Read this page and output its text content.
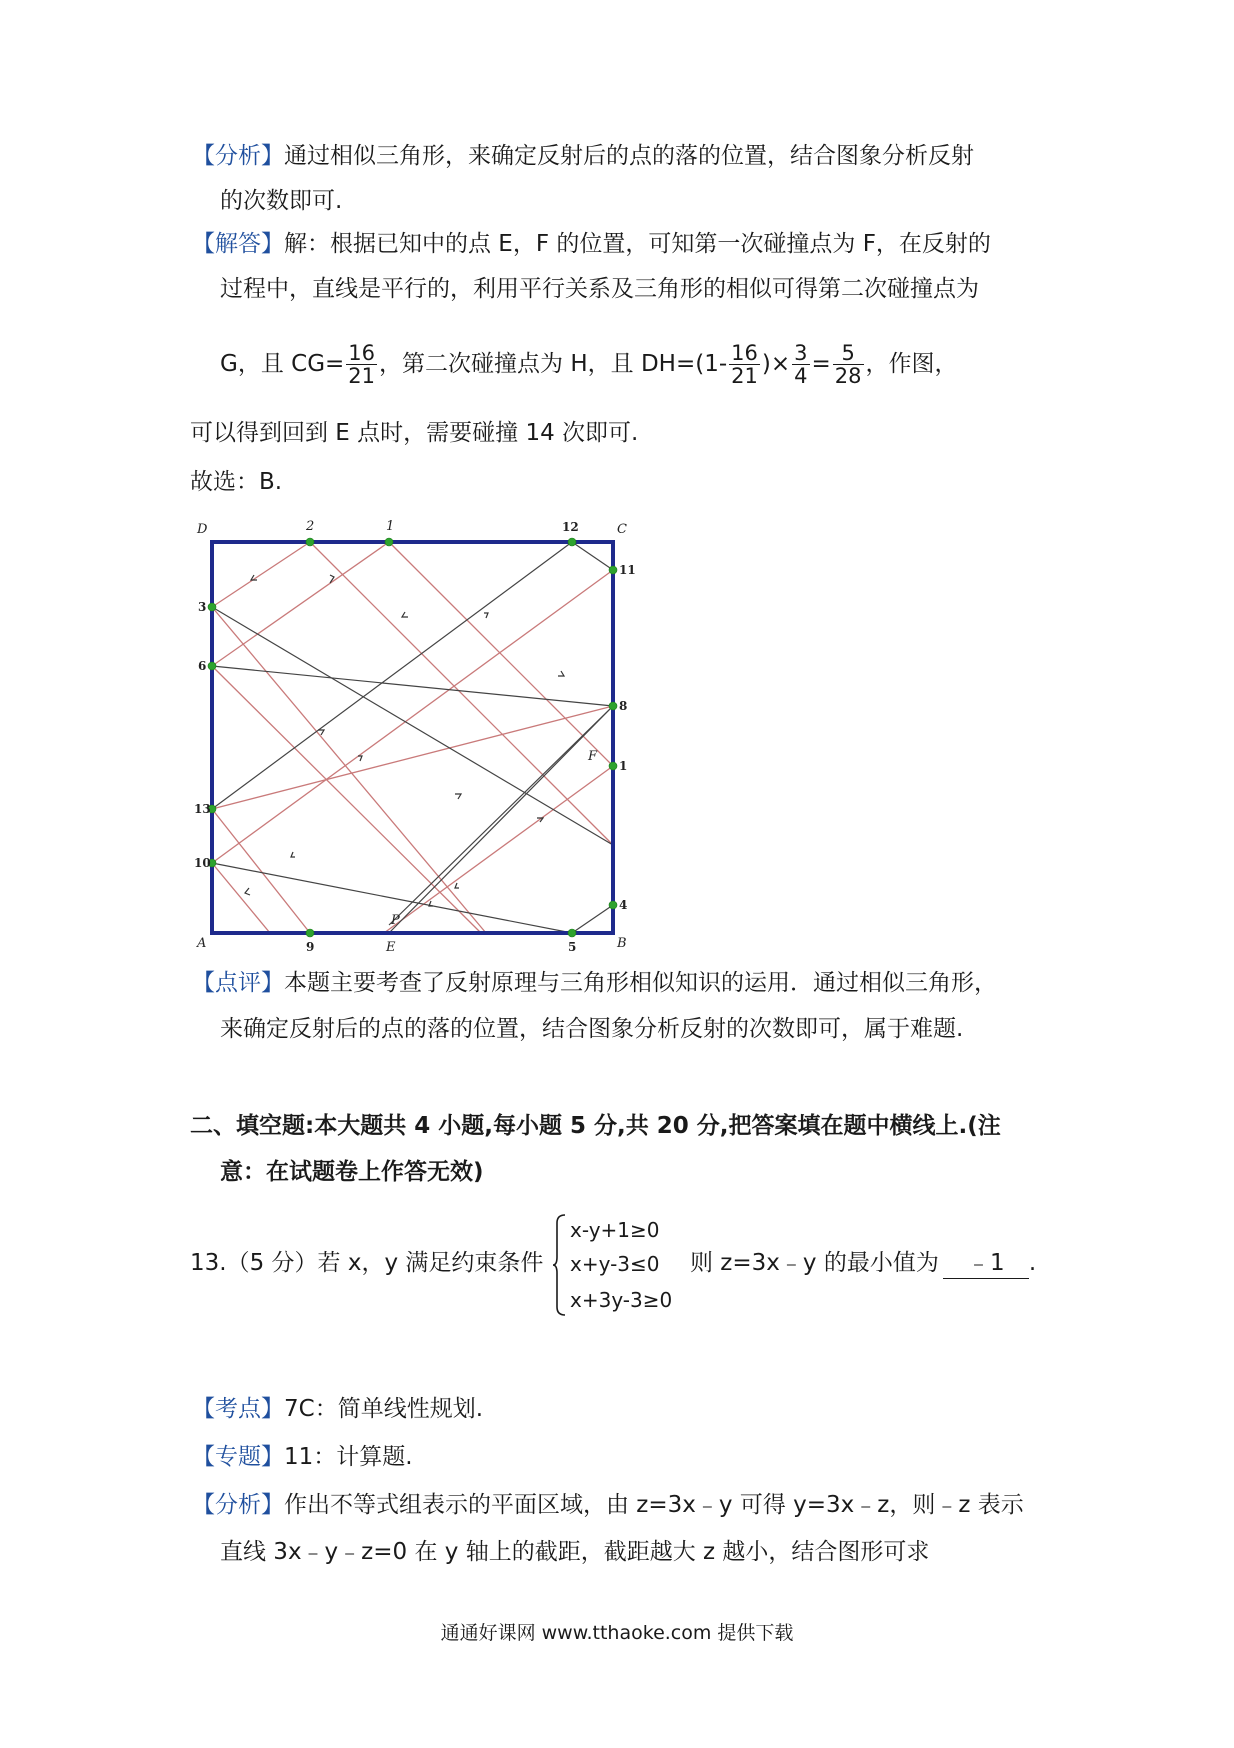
【分析】通过相似三角形，来确定反射后的点的落的位置，结合图象分析反射
的次数即可.
【解答】解：根据已知中的点 E，F 的位置，可知第一次碰撞点为 F，在反射的
过程中，直线是平行的，利用平行关系及三角形的相似可得第二次碰撞点为
G，且 $CG= \frac{16}{21}$ ，第二次碰撞点为 H，且 $DH=(1- \frac{16}{21}$ )× $\frac{3}{4} = \frac{5}{28}$ ，作图，
可以得到回到 E 点时，需要碰撞 14 次即可.
故选：B.
D	C
A	B
2	1
E
F
P
12
11
3
6
8
1
13
10
4
9	5
【点评】本题主要考查了反射原理与三角形相似知识的运用．通过相似三角形，
来确定反射后的点的落的位置，结合图象分析反射的次数即可，属于难题.
二、填空题:本大题共 4 小题,每小题 5 分,共 20 分,把答案填在题中横线上.(注
意：在试题卷上作答无效)
13.（5 分）若 x，y 满足约束条件
x-y+1≥0
x+y-3≤0
x+3y-3≥0
则 z=3x﹣y 的最小值为 ﹣1 .
【考点】7C：简单线性规划.
【专题】11：计算题.
【分析】作出不等式组表示的平面区域，由 z=3x﹣y 可得 y=3x﹣z，则﹣z 表示
直线 3x﹣y﹣z=0 在 y 轴上的截距，截距越大 z 越小，结合图形可求
通通好课网 www.tthaoke.com 提供下载
